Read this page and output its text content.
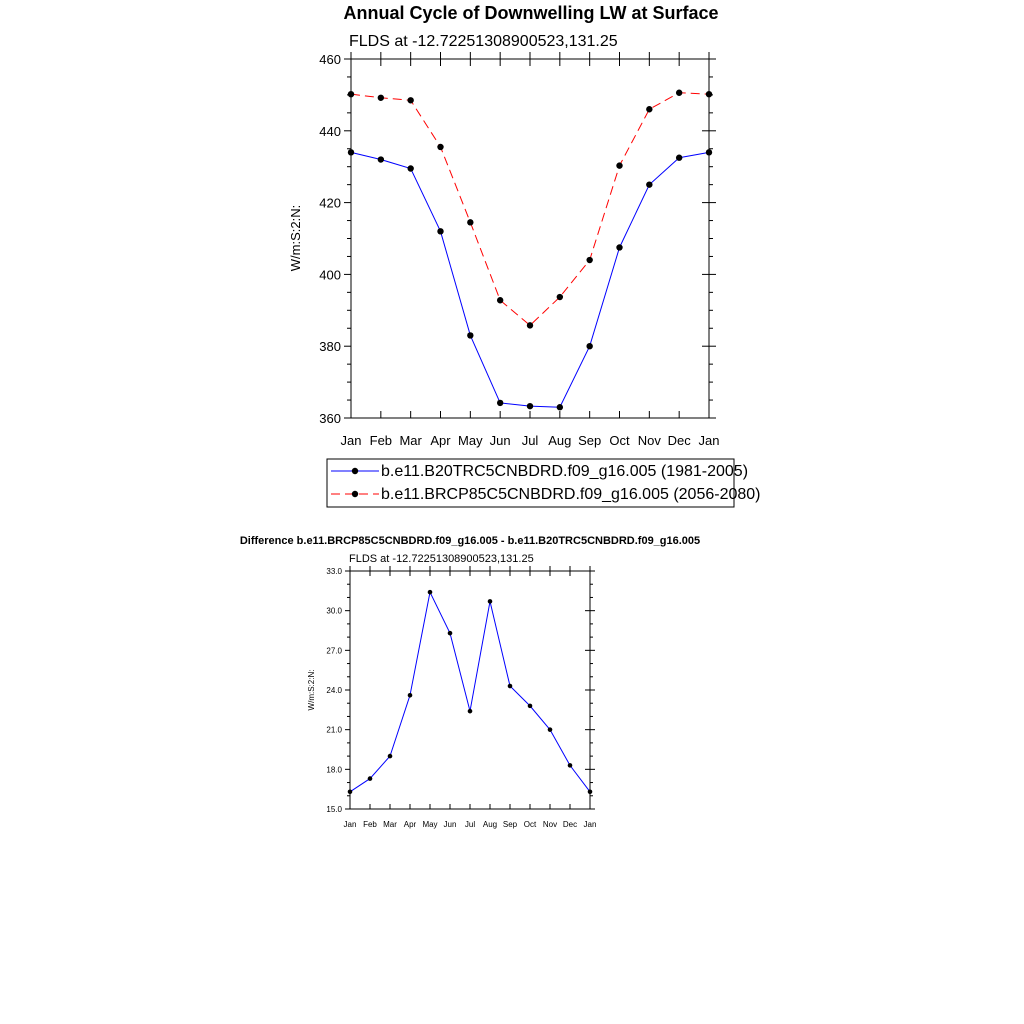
Annual Cycle of Downwelling LW at Surface
FLDS at -12.72251308900523,131.25
W/m:S:2:N:
Jan Feb Mar Apr May Jun Jul Aug Sep Oct Nov Dec Jan
360
380
400
420
440
460
b.e11.B20TRC5CNBDRD.f09_g16.005 (1981-2005)
b.e11.BRCP85C5CNBDRD.f09_g16.005 (2056-2080)
Difference b.e11.BRCP85C5CNBDRD.f09_g16.005 - b.e11.B20TRC5CNBDRD.f09_g16.005
FLDS at -12.72251308900523,131.25
W/m:S:2:N:
Jan Feb Mar Apr May Jun Jul Aug Sep Oct Nov Dec Jan
15.0
18.0
21.0
24.0
27.0
30.0
33.0
